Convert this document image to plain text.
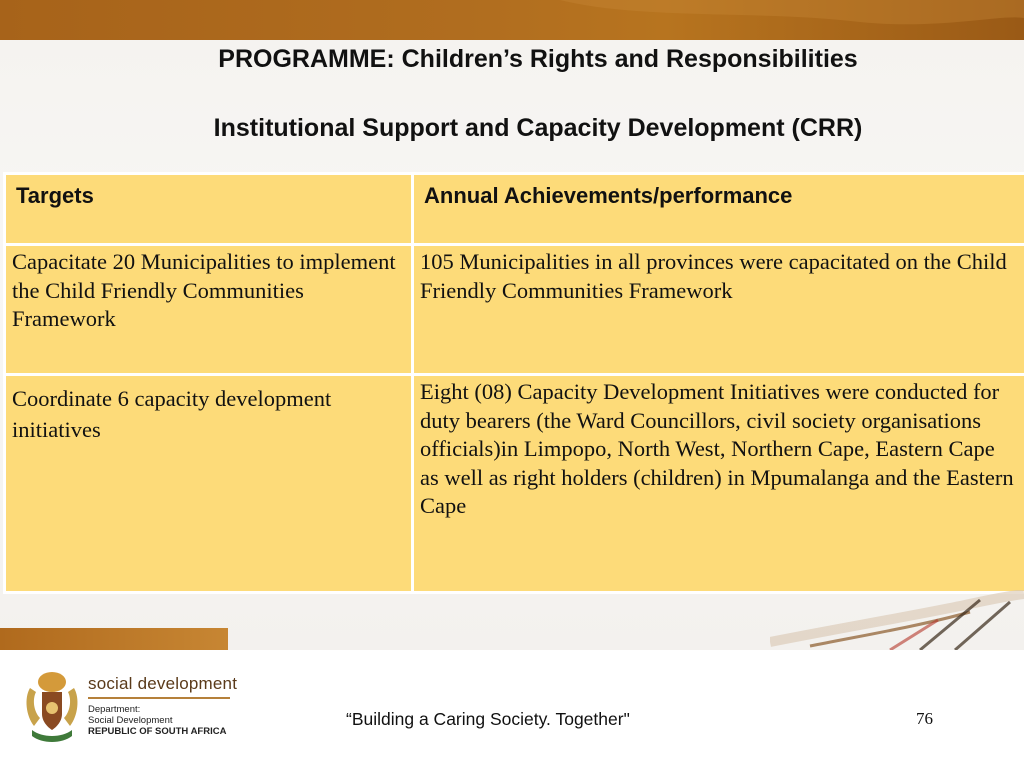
PROGRAMME: Children’s Rights and Responsibilities
Institutional Support and Capacity Development (CRR)
Targets	Annual Achievements/performance
Capacitate 20 Municipalities to implement the Child Friendly Communities Framework
105 Municipalities in all provinces were capacitated on the Child Friendly Communities Framework
Coordinate 6 capacity development initiatives
Eight (08) Capacity Development Initiatives were conducted for duty bearers (the Ward Councillors, civil society organisations officials)in Limpopo, North West, Northern Cape, Eastern Cape as well as right holders (children) in Mpumalanga and the Eastern Cape
social development
Department:
Social Development
REPUBLIC OF SOUTH AFRICA
“Building a Caring Society. Together"	76
